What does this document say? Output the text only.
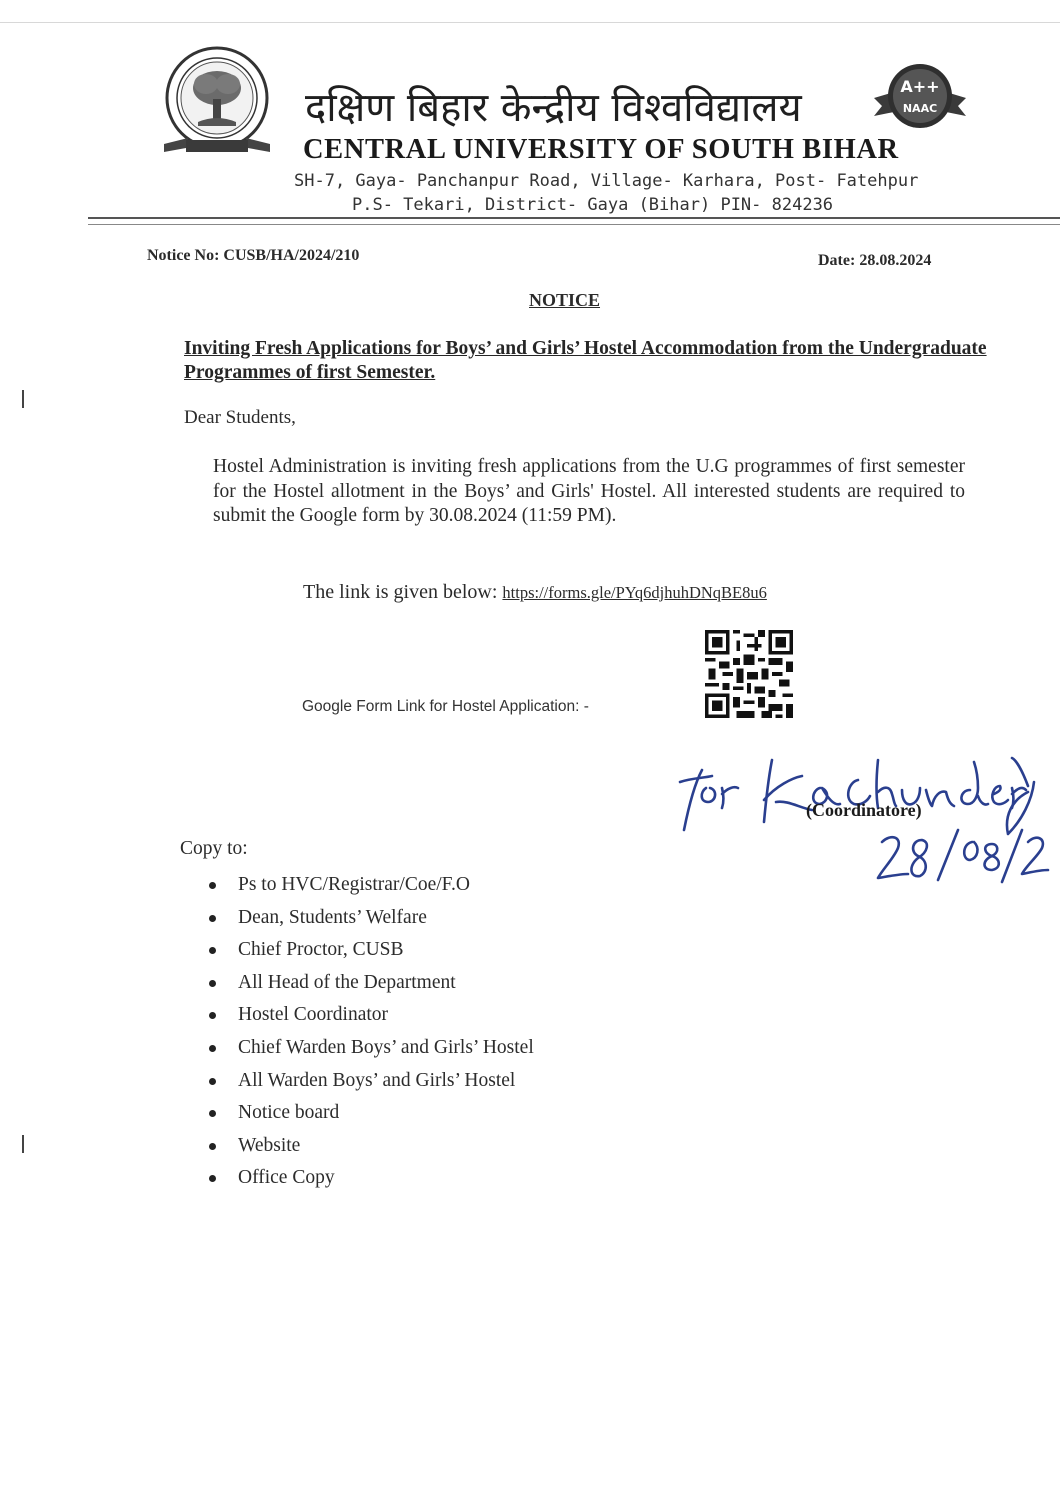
दक्षिण बिहार केन्द्रीय विश्वविद्यालय
CENTRAL UNIVERSITY OF SOUTH BIHAR
A++
NAAC
SH-7, Gaya- Panchanpur Road, Village- Karhara, Post- Fatehpur
P.S- Tekari, District- Gaya (Bihar) PIN- 824236
Notice No: CUSB/HA/2024/210	Date: 28.08.2024
NOTICE
Inviting Fresh Applications for Boys’ and Girls’ Hostel Accommodation from the Undergraduate Programmes of first Semester.
Dear Students,
Hostel Administration is inviting fresh applications from the U.G programmes of first semester for the Hostel allotment in the Boys’ and Girls' Hostel. All interested students are required to submit the Google form by 30.08.2024 (11:59 PM).
The link is given below: https://forms.gle/PYq6djhuhDNqBE8u6
Google Form Link for Hostel Application: -
(Coordinatore)
Copy to:
Ps to HVC/Registrar/Coe/F.O
Dean, Students’ Welfare
Chief Proctor, CUSB
All Head of the Department
Hostel Coordinator
Chief Warden Boys’ and Girls’ Hostel
All Warden Boys’ and Girls’ Hostel
Notice board
Website
Office Copy
